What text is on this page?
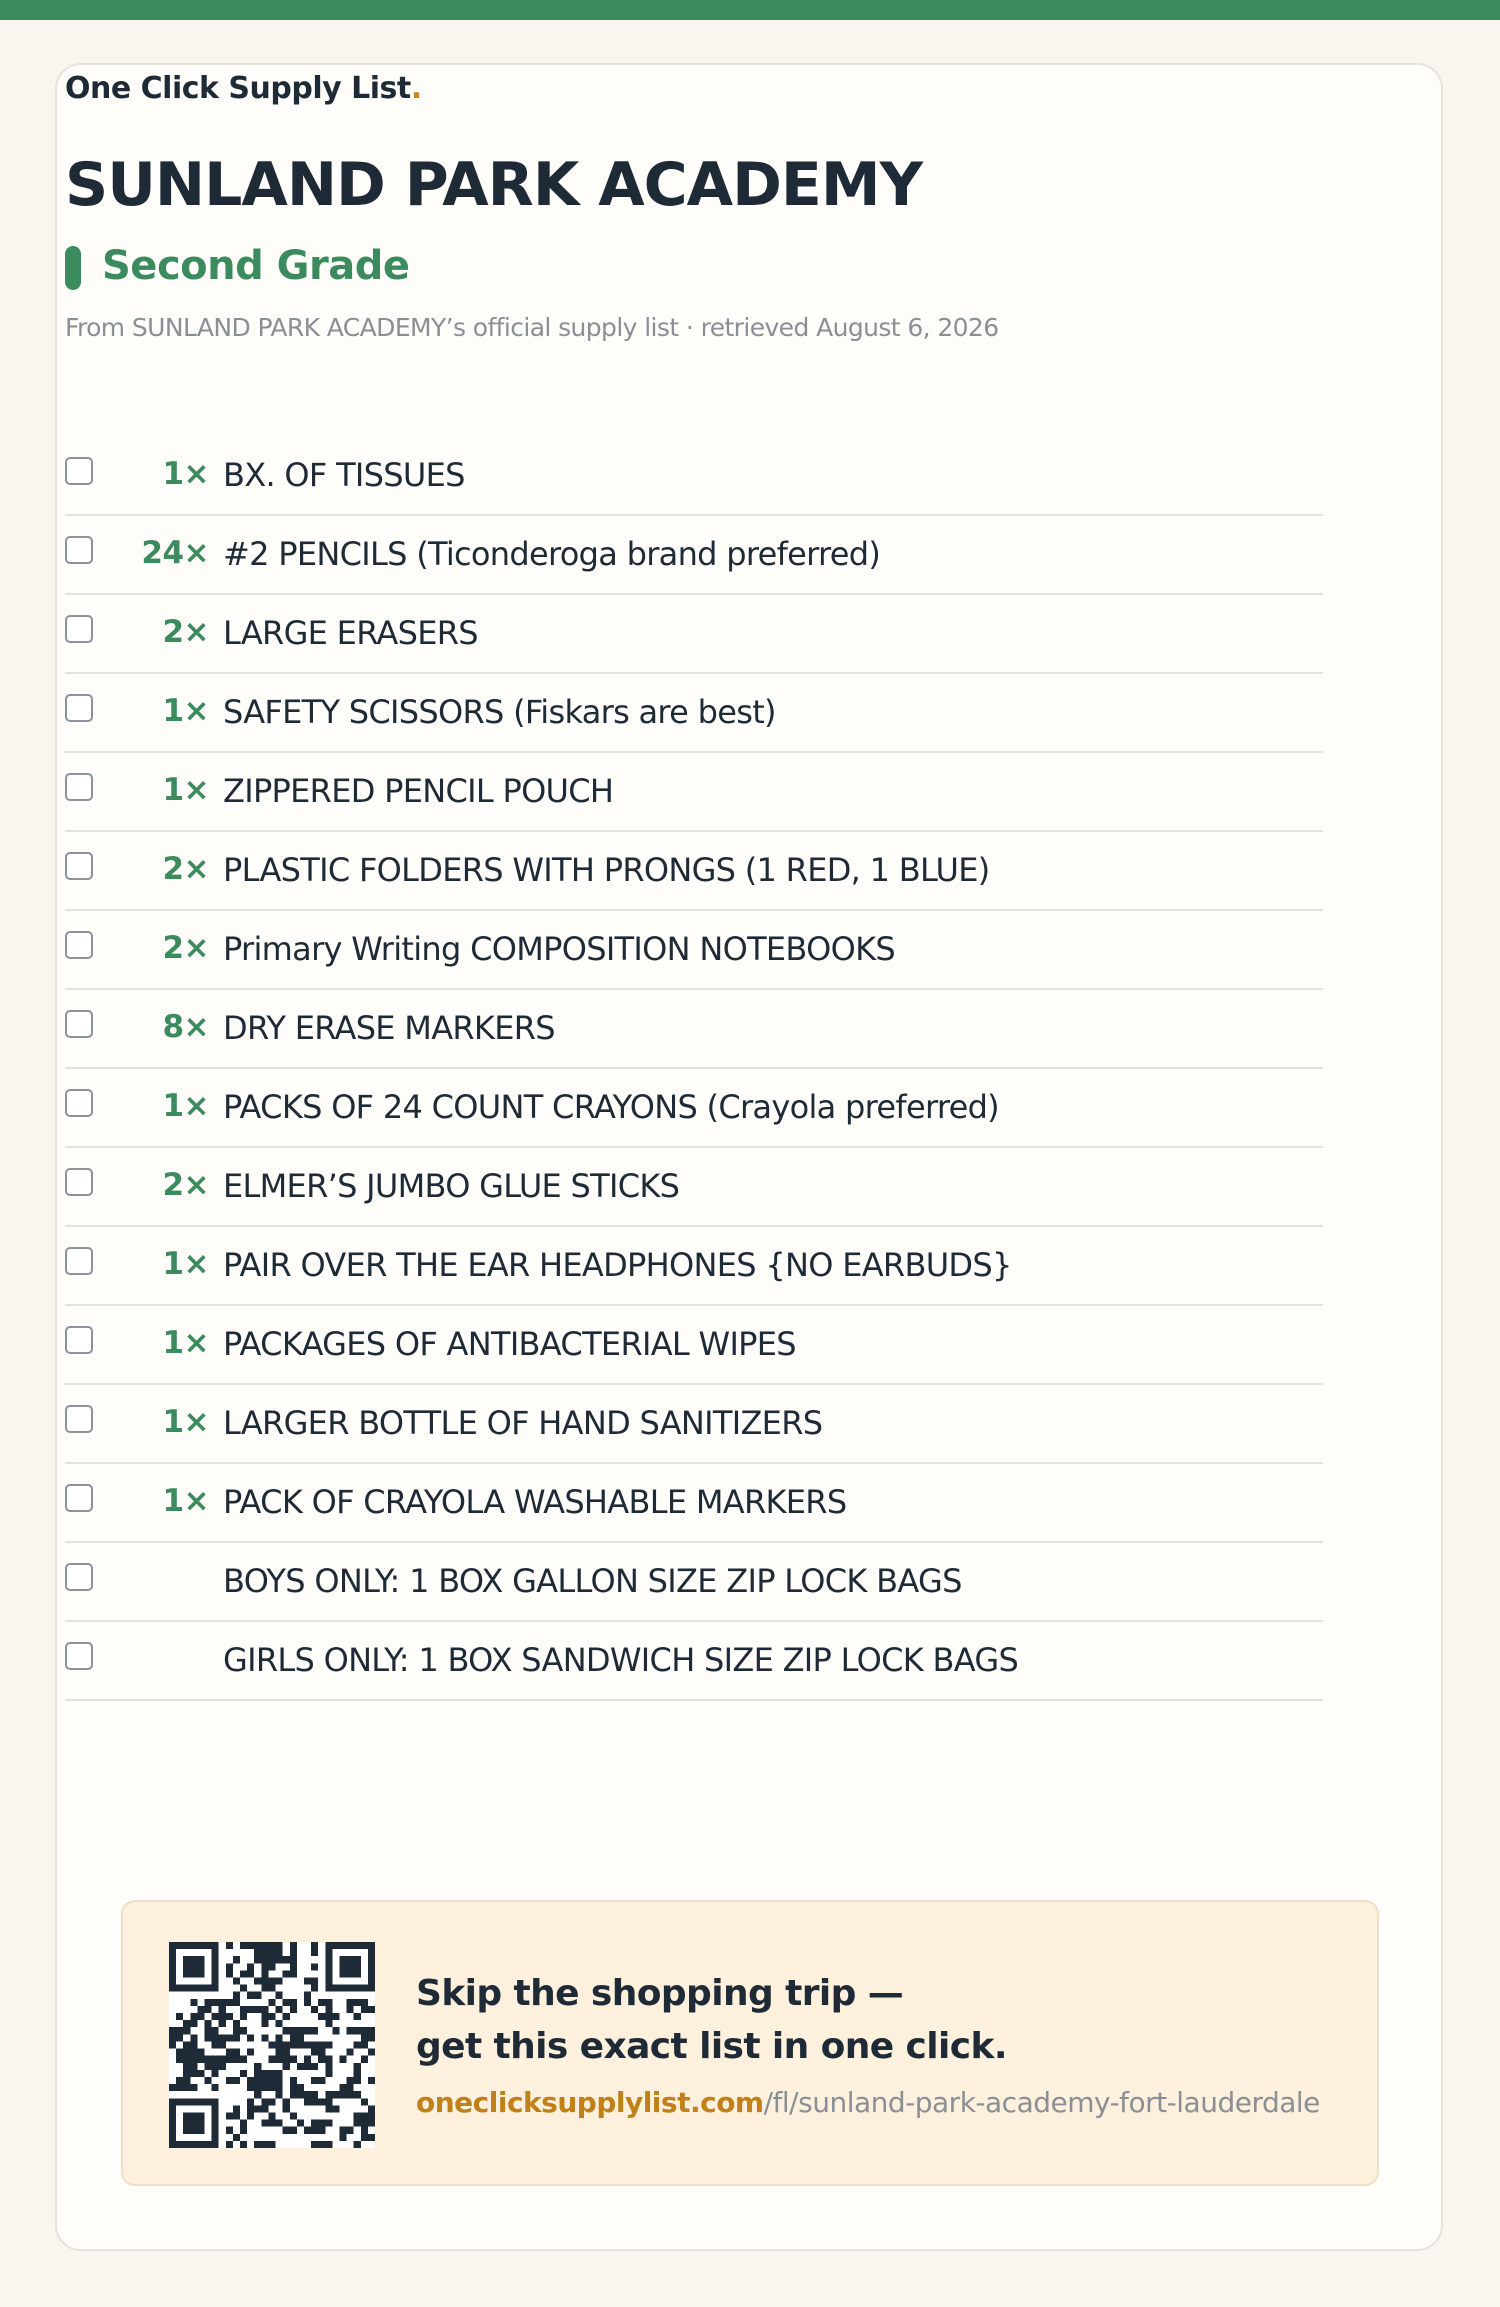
One Click Supply List.
SUNLAND PARK ACADEMY
Second Grade
From SUNLAND PARK ACADEMY’s official supply list · retrieved August 6, 2026
1× BX. OF TISSUES
24× #2 PENCILS (Ticonderoga brand preferred)
2× LARGE ERASERS
1× SAFETY SCISSORS (Fiskars are best)
1× ZIPPERED PENCIL POUCH
2× PLASTIC FOLDERS WITH PRONGS (1 RED, 1 BLUE)
2× Primary Writing COMPOSITION NOTEBOOKS
8× DRY ERASE MARKERS
1× PACKS OF 24 COUNT CRAYONS (Crayola preferred)
2× ELMER’S JUMBO GLUE STICKS
1× PAIR OVER THE EAR HEADPHONES {NO EARBUDS}
1× PACKAGES OF ANTIBACTERIAL WIPES
1× LARGER BOTTLE OF HAND SANITIZERS
1× PACK OF CRAYOLA WASHABLE MARKERS
BOYS ONLY: 1 BOX GALLON SIZE ZIP LOCK BAGS
GIRLS ONLY: 1 BOX SANDWICH SIZE ZIP LOCK BAGS

Skip the shopping trip —
get this exact list in one click.

oneclicksupplylist.com/fl/sunland-park-academy-fort-lauderdale
